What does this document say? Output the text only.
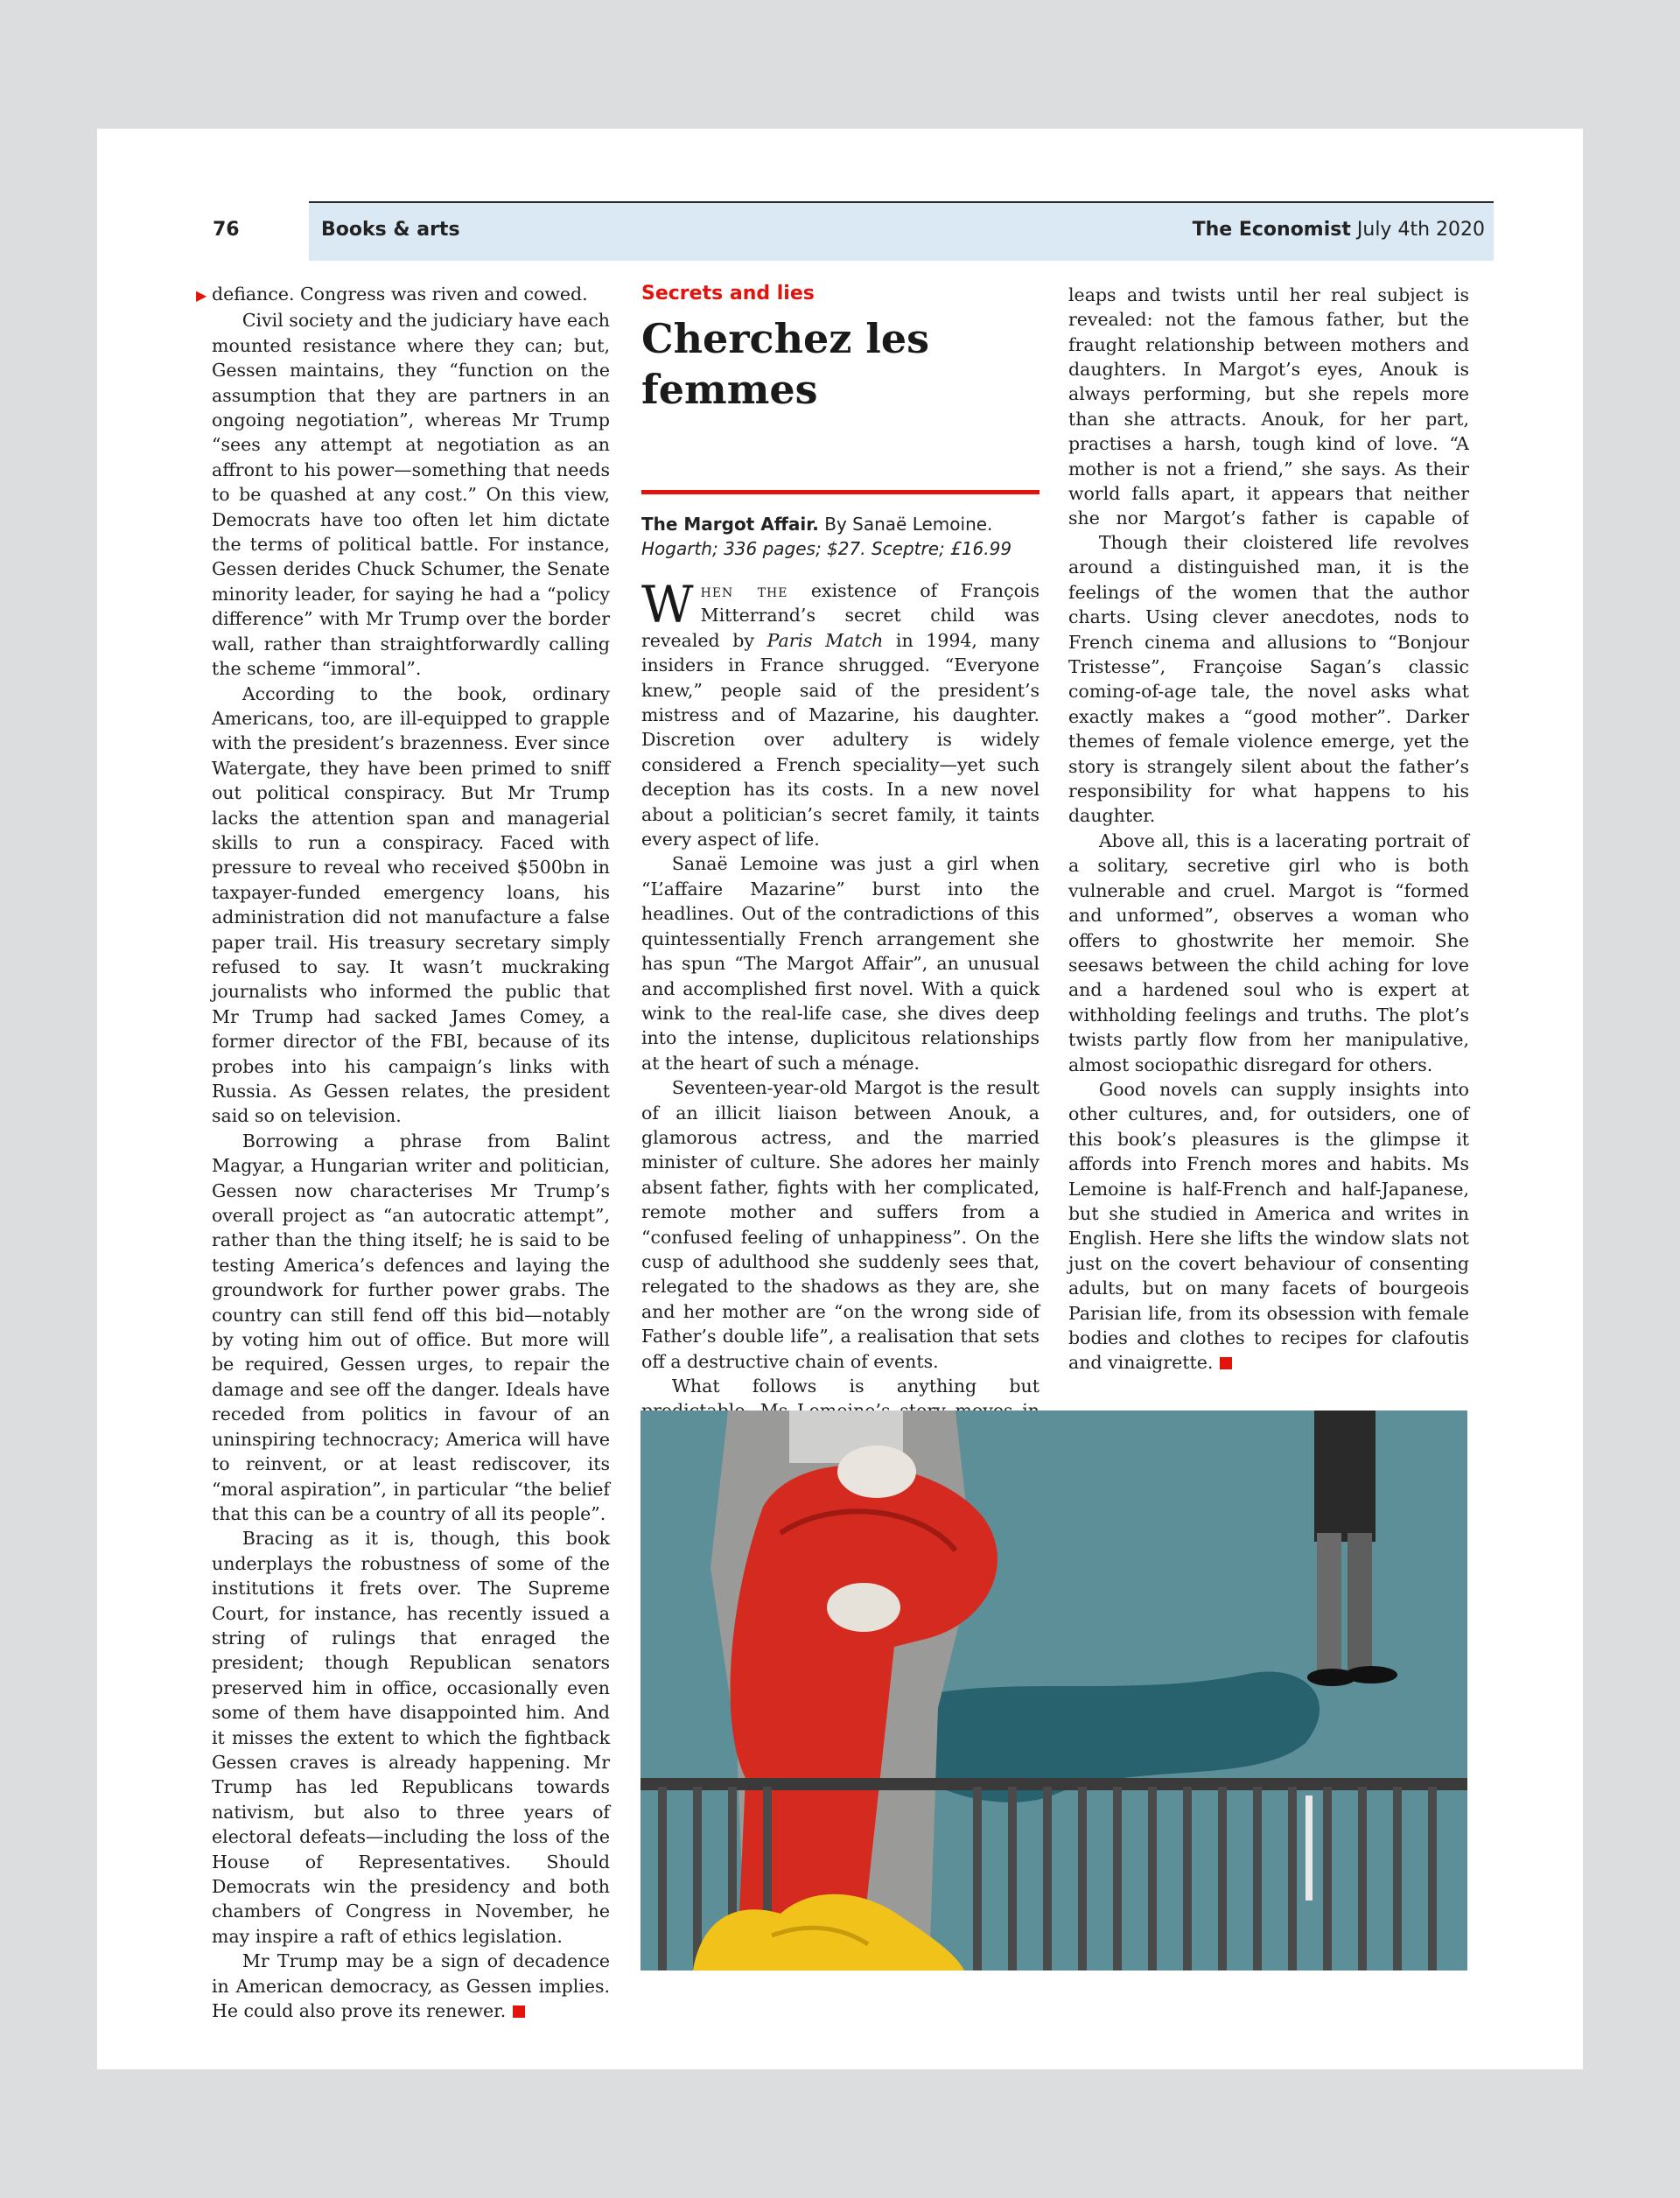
76	Books & arts	The Economist July 4th 2020

▶ defiance. Congress was riven and cowed.

Civil society and the judiciary have each mounted resistance where they can; but, Gessen maintains, they “function on the assumption that they are partners in an ongoing negotiation”, whereas Mr Trump “sees any attempt at negotiation as an affront to his power—something that needs to be quashed at any cost.” On this view, Democrats have too often let him dictate the terms of political battle. For instance, Gessen derides Chuck Schumer, the Senate minority leader, for saying he had a “policy difference” with Mr Trump over the border wall, rather than straightforwardly calling the scheme “immoral”.

According to the book, ordinary Americans, too, are ill-equipped to grapple with the president’s brazenness. Ever since Watergate, they have been primed to sniff out political conspiracy. But Mr Trump lacks the attention span and managerial skills to run a conspiracy. Faced with pressure to reveal who received $500bn in taxpayer-funded emergency loans, his administration did not manufacture a false paper trail. His treasury secretary simply refused to say. It wasn’t muckraking journalists who informed the public that Mr Trump had sacked James Comey, a former director of the FBI, because of its probes into his campaign’s links with Russia. As Gessen relates, the president said so on television.

Borrowing a phrase from Balint Magyar, a Hungarian writer and politician, Gessen now characterises Mr Trump’s overall project as “an autocratic attempt”, rather than the thing itself; he is said to be testing America’s defences and laying the groundwork for further power grabs. The country can still fend off this bid—notably by voting him out of office. But more will be required, Gessen urges, to repair the damage and see off the danger. Ideals have receded from politics in favour of an uninspiring technocracy; America will have to reinvent, or at least rediscover, its “moral aspiration”, in particular “the belief that this can be a country of all its people”.

Bracing as it is, though, this book underplays the robustness of some of the institutions it frets over. The Supreme Court, for instance, has recently issued a string of rulings that enraged the president; though Republican senators preserved him in office, occasionally even some of them have disappointed him. And it misses the extent to which the fightback Gessen craves is already happening. Mr Trump has led Republicans towards nativism, but also to three years of electoral defeats—including the loss of the House of Representatives. Should Democrats win the presidency and both chambers of Congress in November, he may inspire a raft of ethics legislation.

Mr Trump may be a sign of decadence in American democracy, as Gessen implies. He could also prove its renewer.

Secrets and lies
Cherchez les femmes
The Margot Affair. By Sanaë Lemoine.
Hogarth; 336 pages; $27. Sceptre; £16.99

When the existence of François Mitterrand’s secret child was revealed by Paris Match in 1994, many insiders in France shrugged. “Everyone knew,” people said of the president’s mistress and of Mazarine, his daughter. Discretion over adultery is widely considered a French speciality—yet such deception has its costs. In a new novel about a politician’s secret family, it taints every aspect of life.

Sanaë Lemoine was just a girl when “L’affaire Mazarine” burst into the headlines. Out of the contradictions of this quintessentially French arrangement she has spun “The Margot Affair”, an unusual and accomplished first novel. With a quick wink to the real-life case, she dives deep into the intense, duplicitous relationships at the heart of such a ménage.

Seventeen-year-old Margot is the result of an illicit liaison between Anouk, a glamorous actress, and the married minister of culture. She adores her mainly absent father, fights with her complicated, remote mother and suffers from a “confused feeling of unhappiness”. On the cusp of adulthood she suddenly sees that, relegated to the shadows as they are, she and her mother are “on the wrong side of Father’s double life”, a realisation that sets off a destructive chain of events.

What follows is anything but

leaps and twists until her real subject is revealed: not the famous father, but the fraught relationship between mothers and daughters. In Margot’s eyes, Anouk is always performing, but she repels more than she attracts. Anouk, for her part, practises a harsh, tough kind of love. “A mother is not a friend,” she says. As their world falls apart, it appears that neither she nor Margot’s father is capable of

Though their cloistered life revolves around a distinguished man, it is the feelings of the women that the author charts. Using clever anecdotes, nods to French cinema and allusions to “Bonjour Tristesse”, Françoise Sagan’s classic coming-of-age tale, the novel asks what exactly makes a “good mother”. Darker themes of female violence emerge, yet the story is strangely silent about the father’s responsibility for what happens to his daughter.

Above all, this is a lacerating portrait of a solitary, secretive girl who is both vulnerable and cruel. Margot is “formed and unformed”, observes a woman who offers to ghostwrite her memoir. She seesaws between the child aching for love and a hardened soul who is expert at withholding feelings and truths. The plot’s twists partly flow from her manipulative, almost sociopathic disregard for others.

Good novels can supply insights into other cultures, and, for outsiders, one of this book’s pleasures is the glimpse it affords into French mores and habits. Ms Lemoine is half-French and half-Japanese, but she studied in America and writes in English. Here she lifts the window slats not just on the covert behaviour of consenting adults, but on many facets of bourgeois Parisian life, from its obsession with female bodies and clothes to recipes for clafoutis and vinaigrette.
